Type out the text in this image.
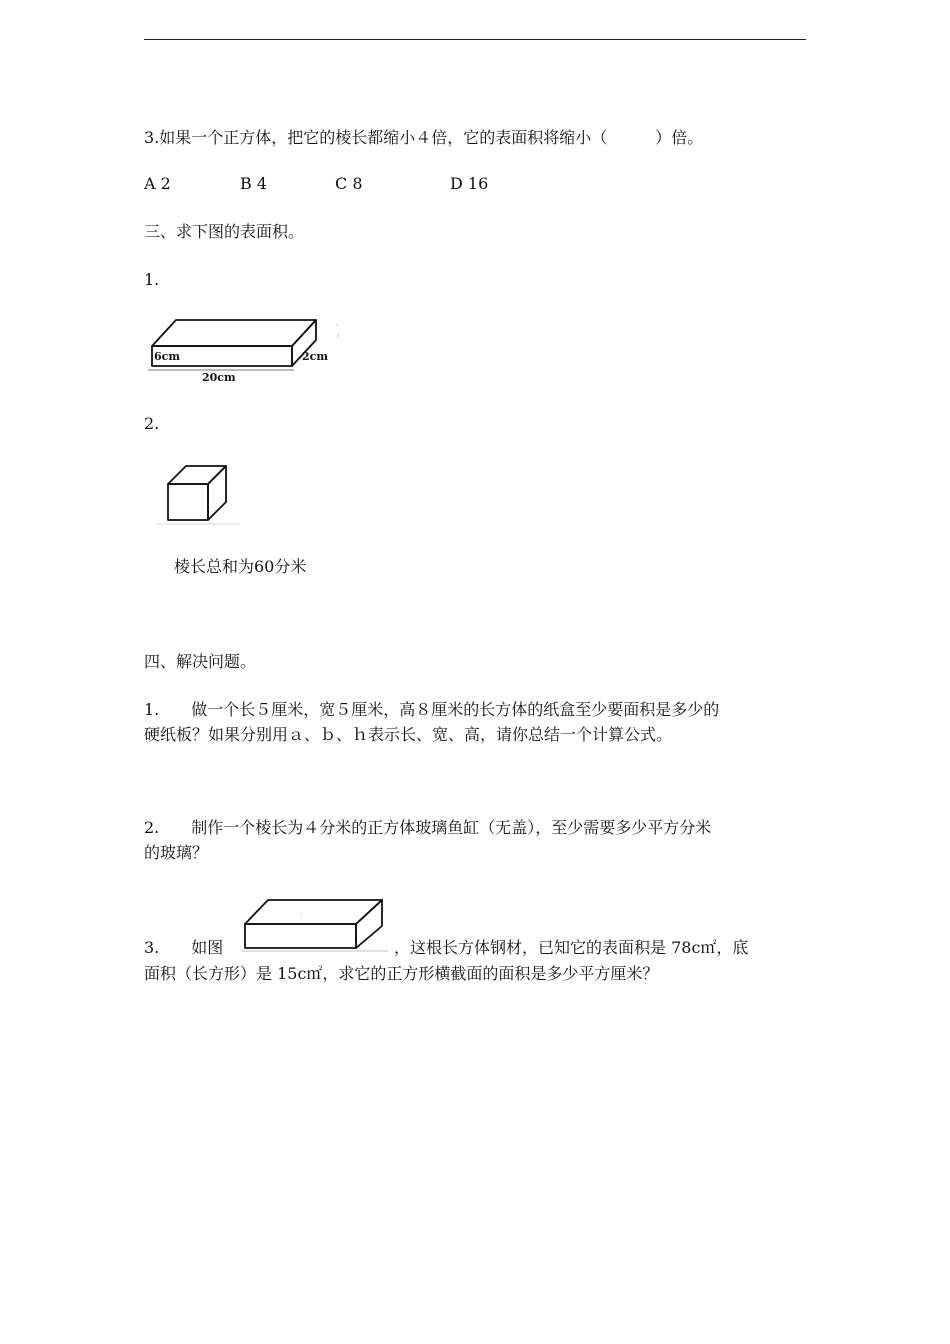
3.如果一个正方体，把它的棱长都缩小４倍，它的表面积将缩小（　　　）倍。
A 2	B 4	C 8	D 16
三、求下图的表面积。
1.
6cm	2cm
20cm
·
:
2.
棱长总和为60分米
四、解决问题。
1.　　做一个长５厘米，宽５厘米，高８厘米的长方体的纸盒至少要面积是多少的
硬纸板？如果分别用ａ、ｂ、ｈ表示长、宽、高，请你总结一个计算公式。
2.　　制作一个棱长为４分米的正方体玻璃鱼缸（无盖），至少需要多少平方分米
的玻璃？
3.　　如图
·
，这根长方体钢材，已知它的表面积是 78c㎡，底
面积（长方形）是 15c㎡，求它的正方形横截面的面积是多少平方厘米？
